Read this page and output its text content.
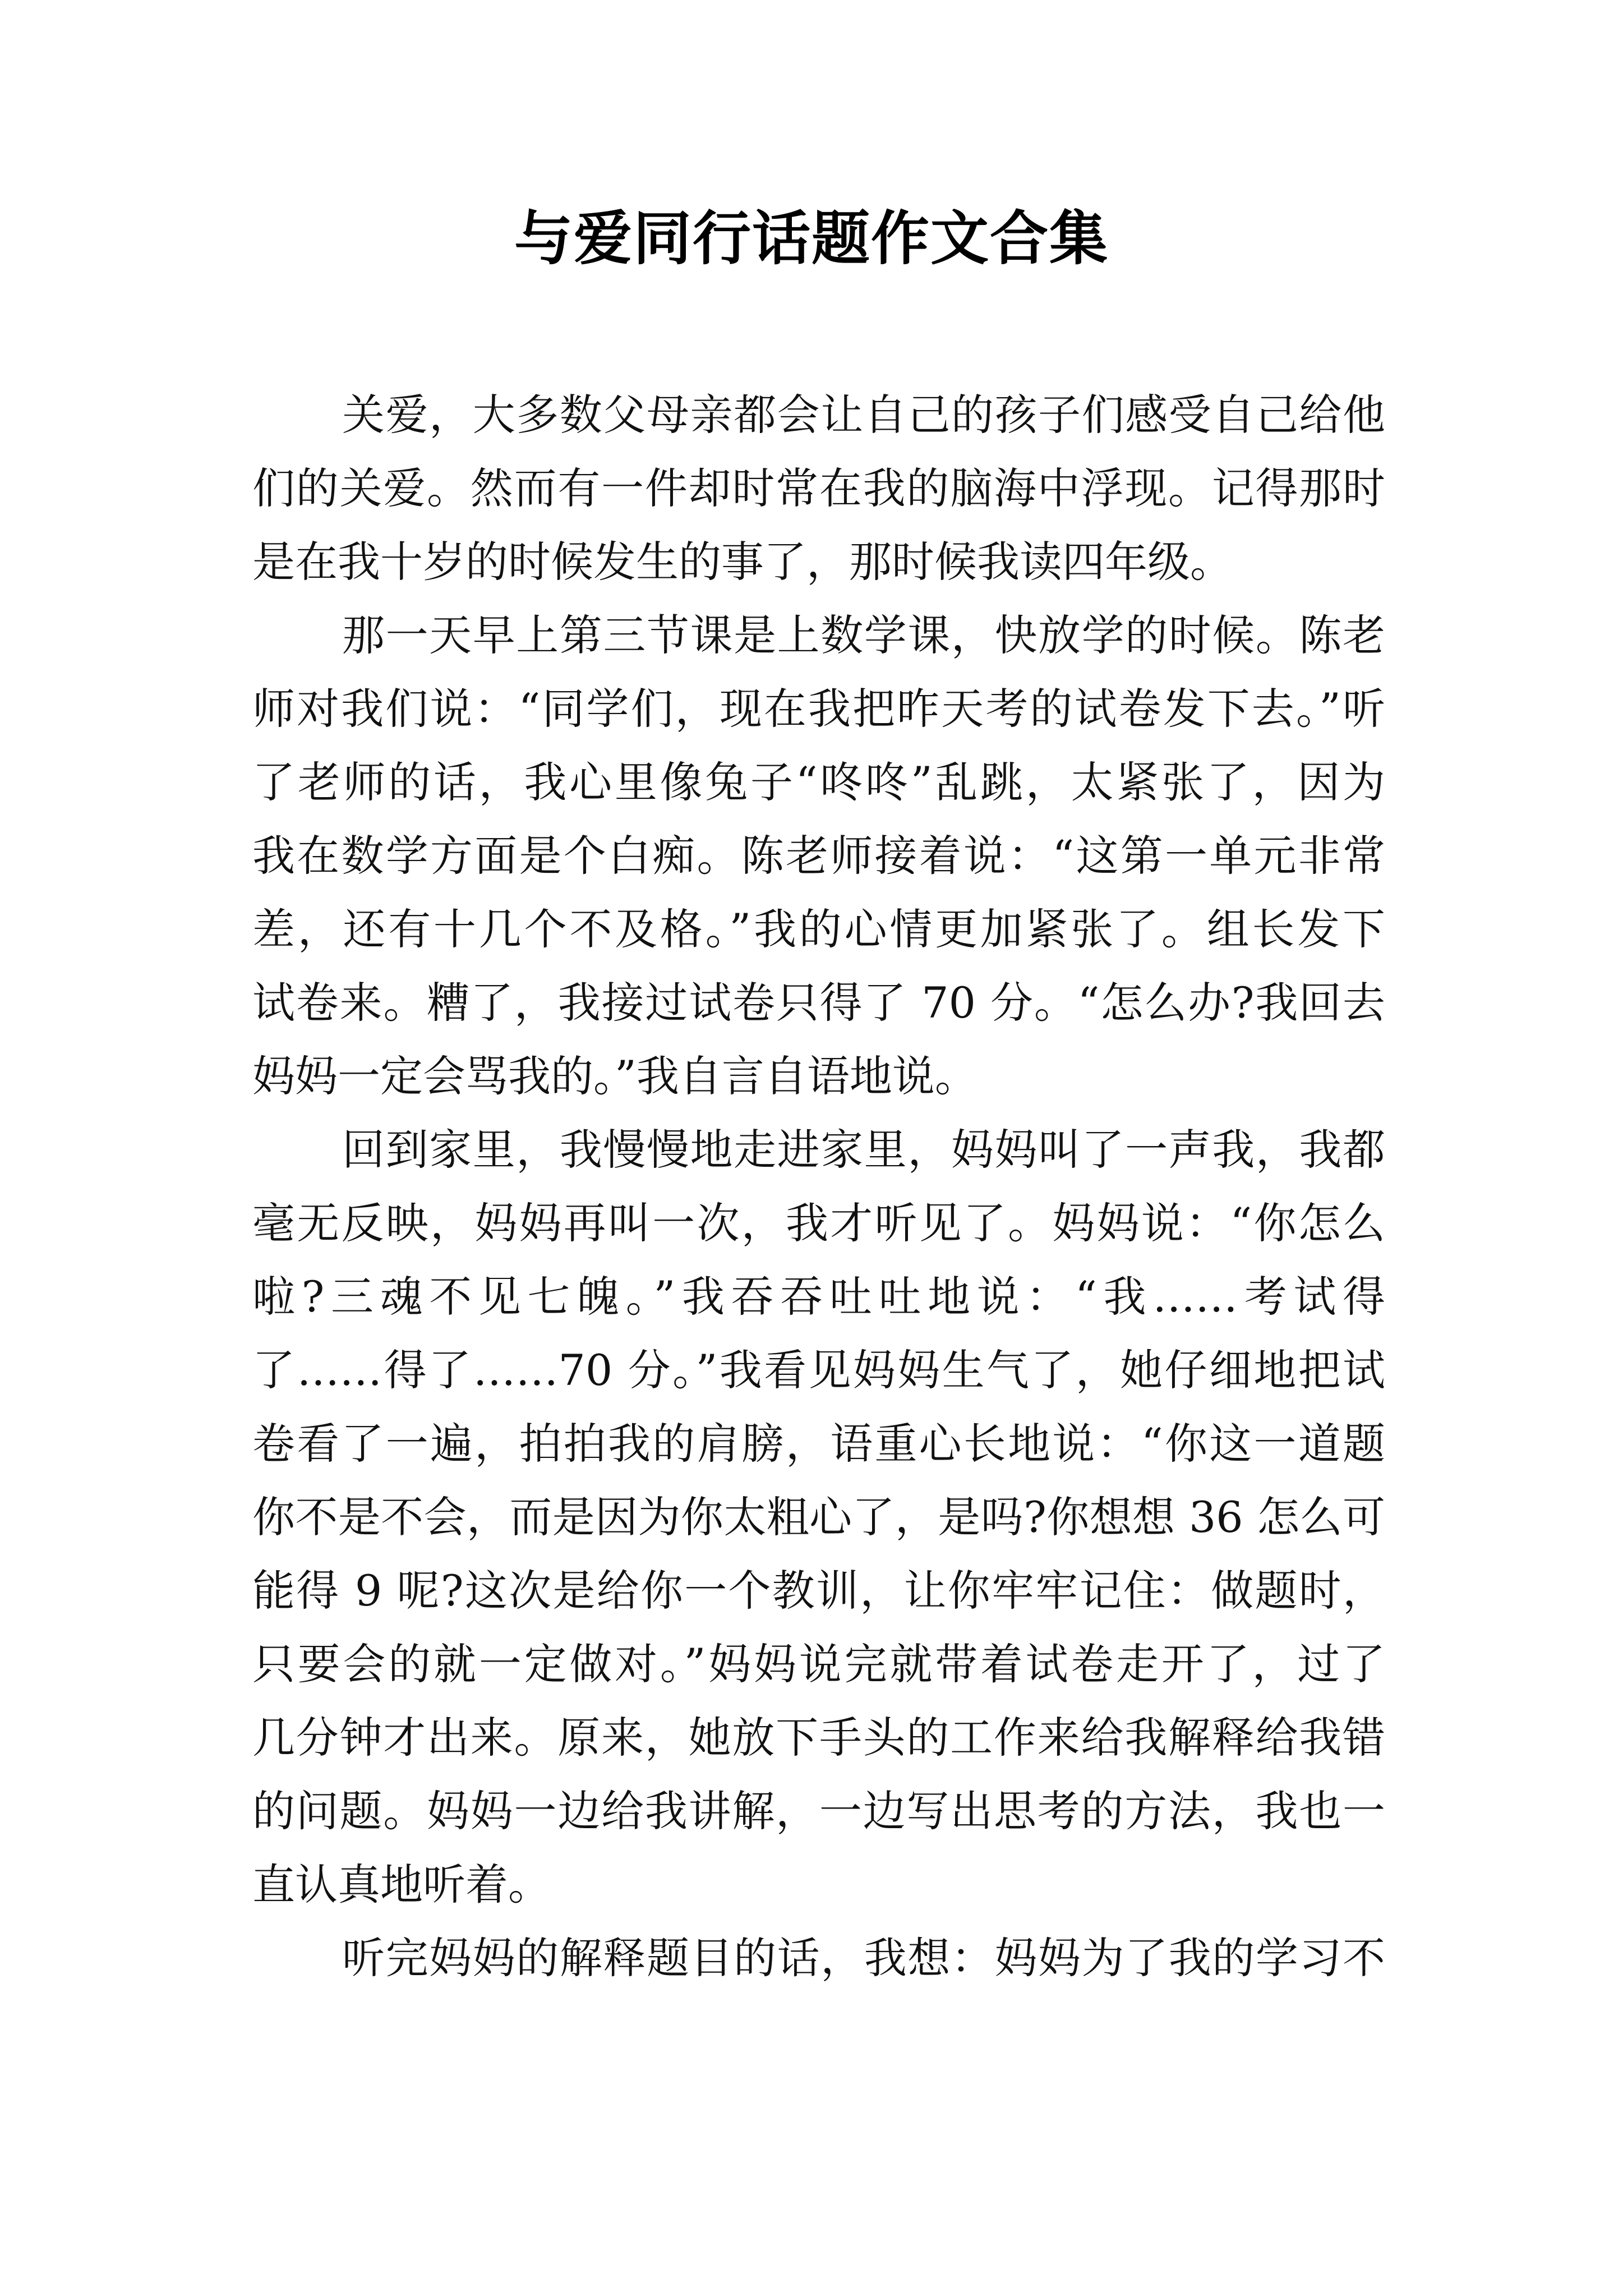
与爱同行话题作文合集
关爱，大多数父母亲都会让自己的孩子们感受自己给他
们的关爱。然而有一件却时常在我的脑海中浮现。记得那时
是在我十岁的时候发生的事了，那时候我读四年级。
那一天早上第三节课是上数学课，快放学的时候。陈老
师对我们说：“同学们，现在我把昨天考的试卷发下去。”听
了老师的话，我心里像兔子“咚咚”乱跳，太紧张了，因为
我在数学方面是个白痴。陈老师接着说：“这第一单元非常
差，还有十几个不及格。”我的心情更加紧张了。组长发下
试卷来。糟了，我接过试卷只得了 70 分。“怎么办?我回去
妈妈一定会骂我的。”我自言自语地说。
回到家里，我慢慢地走进家里，妈妈叫了一声我，我都
毫无反映，妈妈再叫一次，我才听见了。妈妈说：“你怎么
啦?三魂不见七魄。”我吞吞吐吐地说：“我……考试得
了……得了……70 分。”我看见妈妈生气了，她仔细地把试
卷看了一遍，拍拍我的肩膀，语重心长地说：“你这一道题
你不是不会，而是因为你太粗心了，是吗?你想想 36 怎么可
能得 9 呢?这次是给你一个教训，让你牢牢记住：做题时，
只要会的就一定做对。”妈妈说完就带着试卷走开了，过了
几分钟才出来。原来，她放下手头的工作来给我解释给我错
的问题。妈妈一边给我讲解，一边写出思考的方法，我也一
直认真地听着。
听完妈妈的解释题目的话，我想：妈妈为了我的学习不
